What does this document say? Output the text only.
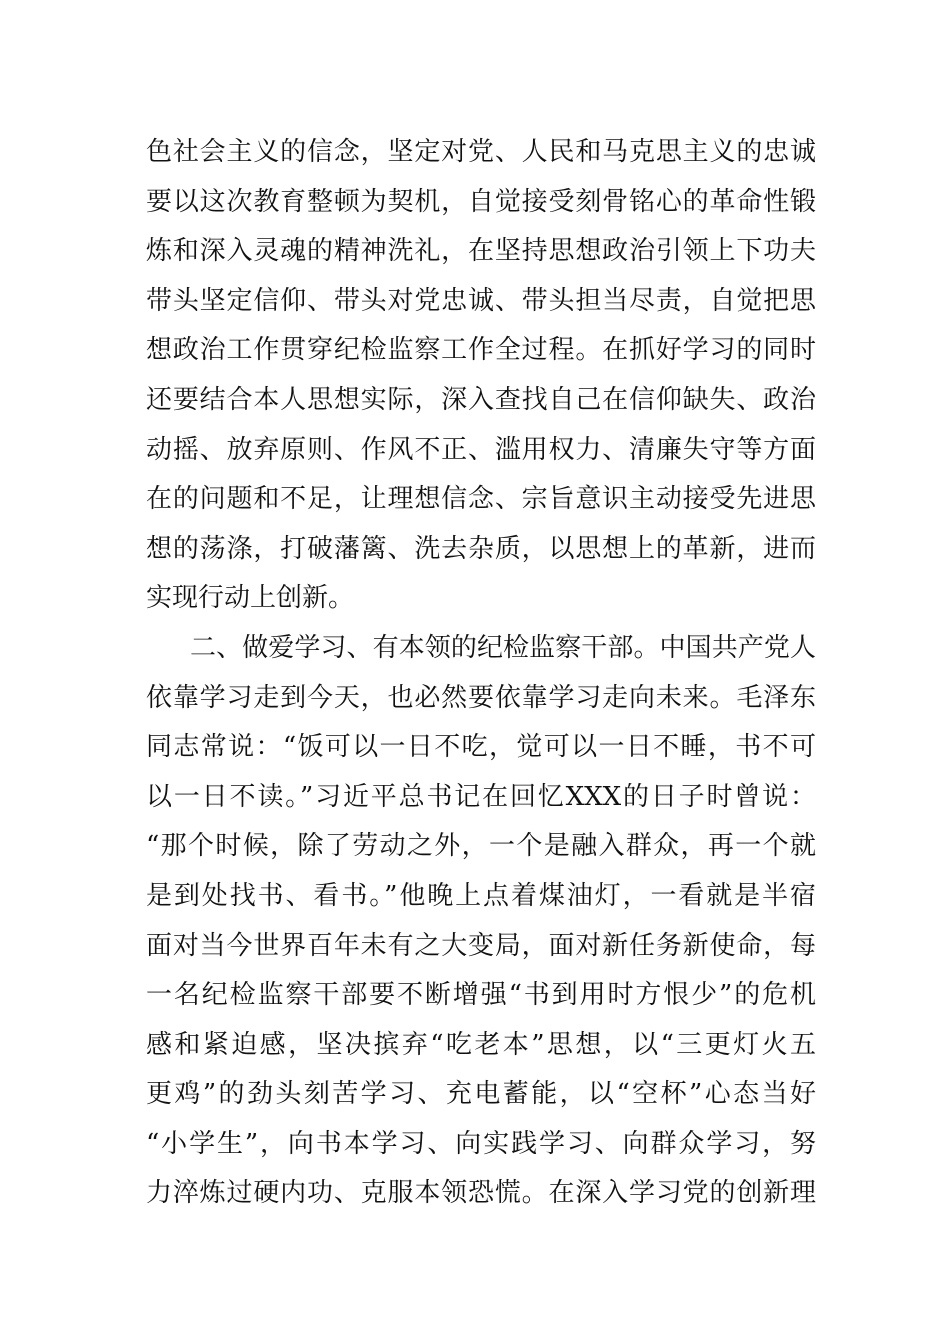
色社会主义的信念，坚定对党、人民和马克思主义的忠诚
要以这次教育整顿为契机，自觉接受刻骨铭心的革命性锻
炼和深入灵魂的精神洗礼，在坚持思想政治引领上下功夫
带头坚定信仰、带头对党忠诚、带头担当尽责，自觉把思
想政治工作贯穿纪检监察工作全过程。在抓好学习的同时
还要结合本人思想实际，深入查找自己在信仰缺失、政治
动摇、放弃原则、作风不正、滥用权力、清廉失守等方面
在的问题和不足，让理想信念、宗旨意识主动接受先进思
想的荡涤，打破藩篱、洗去杂质，以思想上的革新，进而
实现行动上创新。
二、做爱学习、有本领的纪检监察干部。中国共产党人
依靠学习走到今天，也必然要依靠学习走向未来。毛泽东
同志常说：“饭可以一日不吃，觉可以一日不睡，书不可
以一日不读。”习近平总书记在回忆XXX的日子时曾说：
“那个时候，除了劳动之外，一个是融入群众，再一个就
是到处找书、看书。”他晚上点着煤油灯，一看就是半宿
面对当今世界百年未有之大变局，面对新任务新使命，每
一名纪检监察干部要不断增强“书到用时方恨少”的危机
感和紧迫感，坚决摈弃“吃老本”思想，以“三更灯火五
更鸡”的劲头刻苦学习、充电蓄能，以“空杯”心态当好
“小学生”，向书本学习、向实践学习、向群众学习，努
力淬炼过硬内功、克服本领恐慌。在深入学习党的创新理
